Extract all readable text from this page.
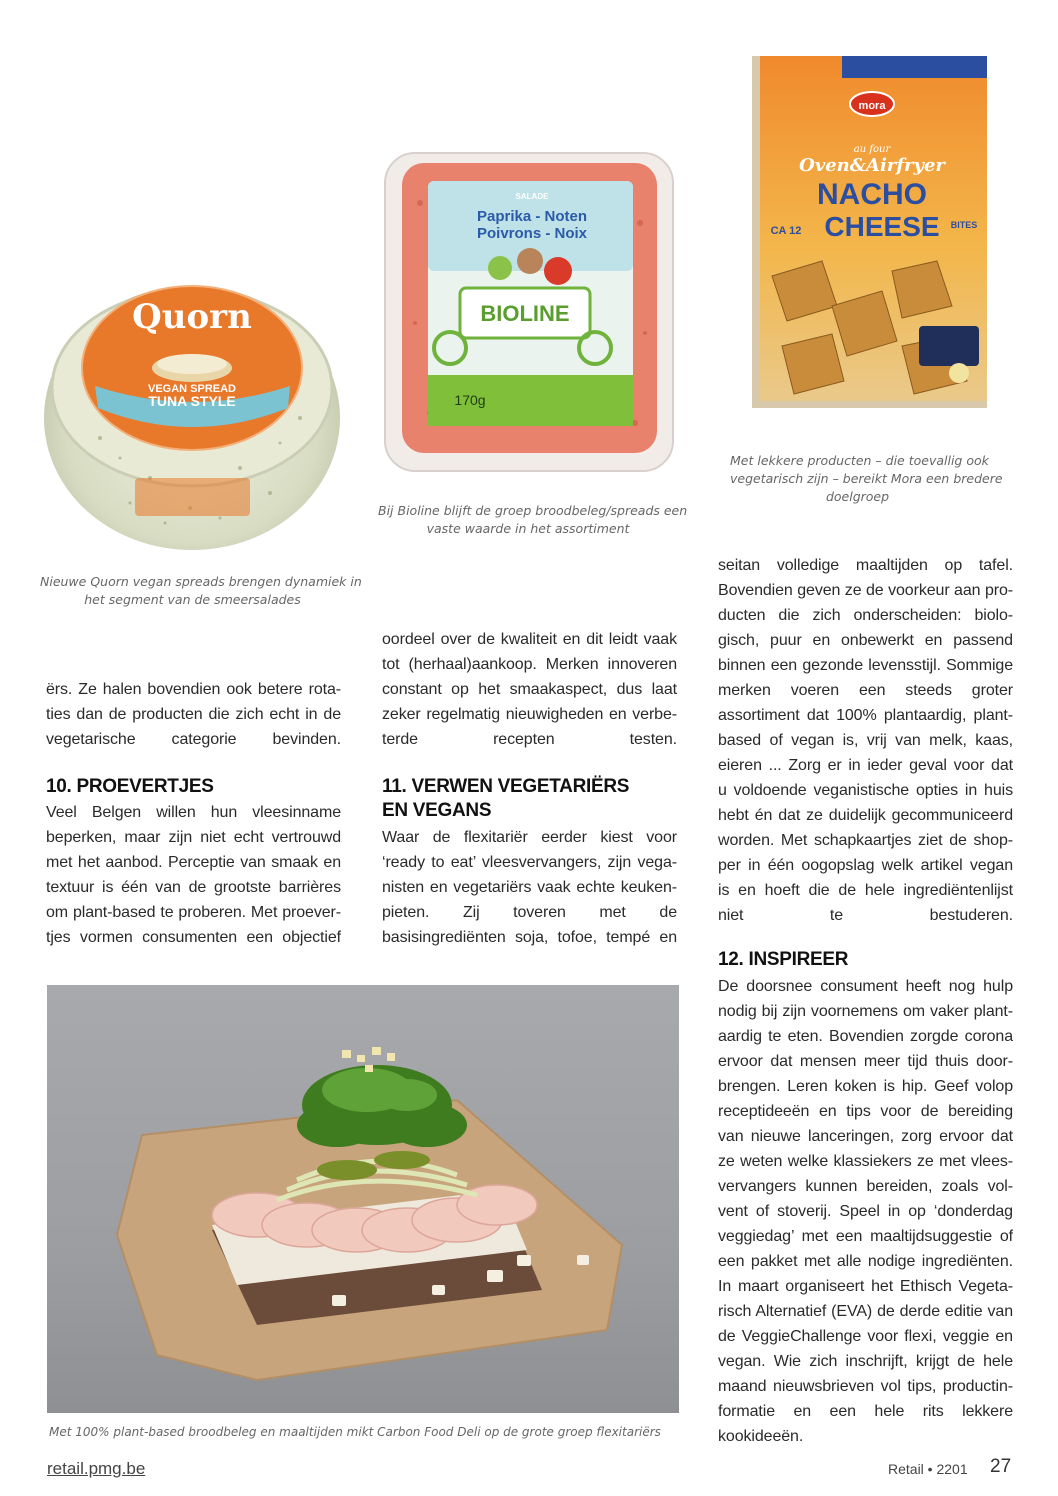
Quorn
VEGAN SPREAD
TUNA STYLE
SALADE
Paprika - Noten
Poivrons - Noix
BIOLINE
170g
mora
au four
Oven&Airfryer
NACHO
CHEESE
CA 12	BITES
Nieuwe Quorn vegan spreads brengen dynamiek in
het segment van de smeersalades
Bij Bioline blijft de groep broodbeleg/spreads een
vaste waarde in het assortiment
Met lekkere producten – die toevallig ook
vegetarisch zijn – bereikt Mora een bredere
doelgroep
ërs. Ze halen bovendien ook betere rota-
ties dan de producten die zich echt in de
vegetarische categorie bevinden.
10. PROEVERTJES
Veel Belgen willen hun vleesinname
beperken, maar zijn niet echt vertrouwd
met het aanbod. Perceptie van smaak en
textuur is één van de grootste barrières
om plant-based te proberen. Met proever-
tjes vormen consumenten een objectief
oordeel over de kwaliteit en dit leidt vaak
tot (herhaal)aankoop. Merken innoveren
constant op het smaakaspect, dus laat
zeker regelmatig nieuwigheden en verbe-
terde recepten testen.
11. VERWEN VEGETARIËRS
EN VEGANS
Waar de flexitariër eerder kiest voor
‘ready to eat’ vleesvervangers, zijn vega-
nisten en vegetariërs vaak echte keuken-
pieten. Zij toveren met de
basisingrediënten soja, tofoe, tempé en
seitan volledige maaltijden op tafel.
Bovendien geven ze de voorkeur aan pro-
ducten die zich onderscheiden: biolo-
gisch, puur en onbewerkt en passend
binnen een gezonde levensstijl. Sommige
merken voeren een steeds groter
assortiment dat 100% plantaardig, plant-
based of vegan is, vrij van melk, kaas,
eieren ... Zorg er in ieder geval voor dat
u voldoende veganistische opties in huis
hebt én dat ze duidelijk gecommuniceerd
worden. Met schapkaartjes ziet de shop-
per in één oogopslag welk artikel vegan
is en hoeft die de hele ingrediëntenlijst
niet te bestuderen.
12. INSPIREER
De doorsnee consument heeft nog hulp
nodig bij zijn voornemens om vaker plant-
aardig te eten. Bovendien zorgde corona
ervoor dat mensen meer tijd thuis door-
brengen. Leren koken is hip. Geef volop
receptideeën en tips voor de bereiding
van nieuwe lanceringen, zorg ervoor dat
ze weten welke klassiekers ze met vlees-
vervangers kunnen bereiden, zoals vol-
vent of stoverij. Speel in op ‘donderdag
veggiedag’ met een maaltijdsuggestie of
een pakket met alle nodige ingrediënten.
In maart organiseert het Ethisch Vegeta-
risch Alternatief (EVA) de derde editie van
de VeggieChallenge voor flexi, veggie en
vegan. Wie zich inschrijft, krijgt de hele
maand nieuwsbrieven vol tips, productin-
formatie en een hele rits lekkere
kookideeën.
Met 100% plant-based broodbeleg en maaltijden mikt Carbon Food Deli op de grote groep flexitariërs
retail.pmg.be	Retail • 2201 27
